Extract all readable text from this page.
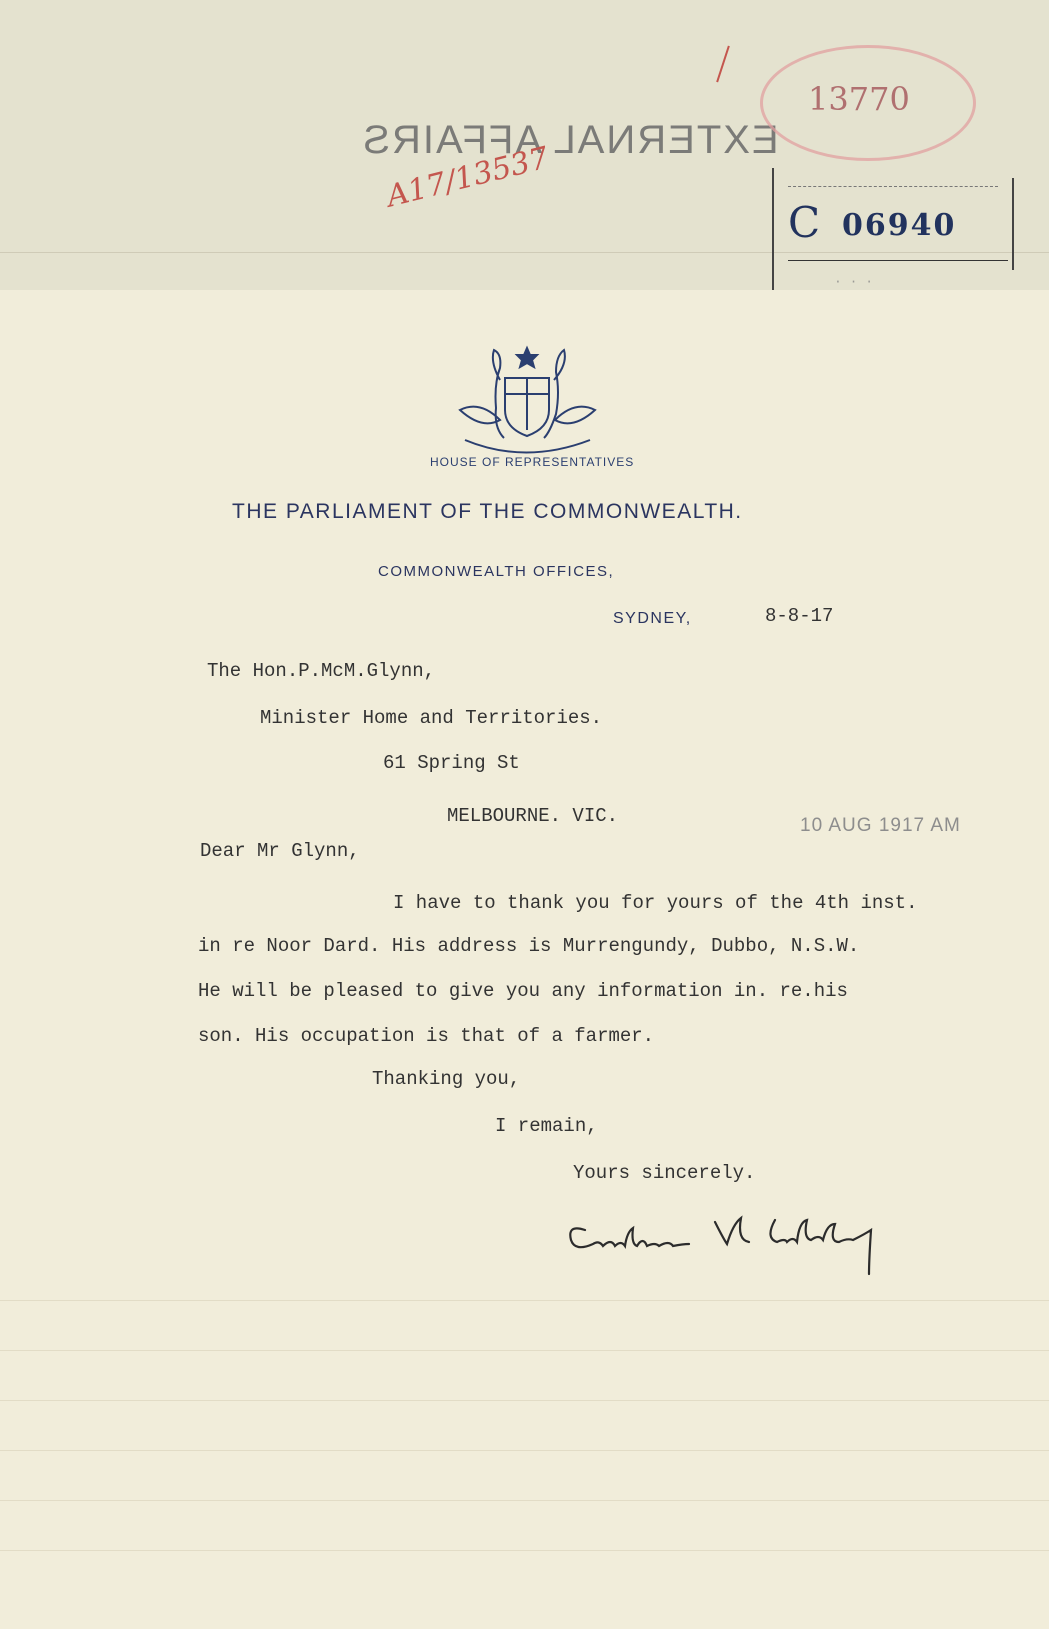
EXTERNAL AFFAIRS
A17/13537
13770
C 06940
· · ·
HOUSE OF REPRESENTATIVES
THE PARLIAMENT OF THE COMMONWEALTH.
COMMONWEALTH OFFICES,
SYDNEY,	8-8-17
The Hon.P.McM.Glynn,
Minister Home and Territories.
61 Spring St
MELBOURNE. VIC.	10 AUG 1917 AM
Dear Mr Glynn,
I have to thank you for yours of the 4th inst.
in re Noor Dard. His address is Murrengundy, Dubbo, N.S.W.
He will be pleased to give you any information in. re.his
son. His occupation is that of a farmer.
Thanking you,
I remain,
Yours sincerely.
